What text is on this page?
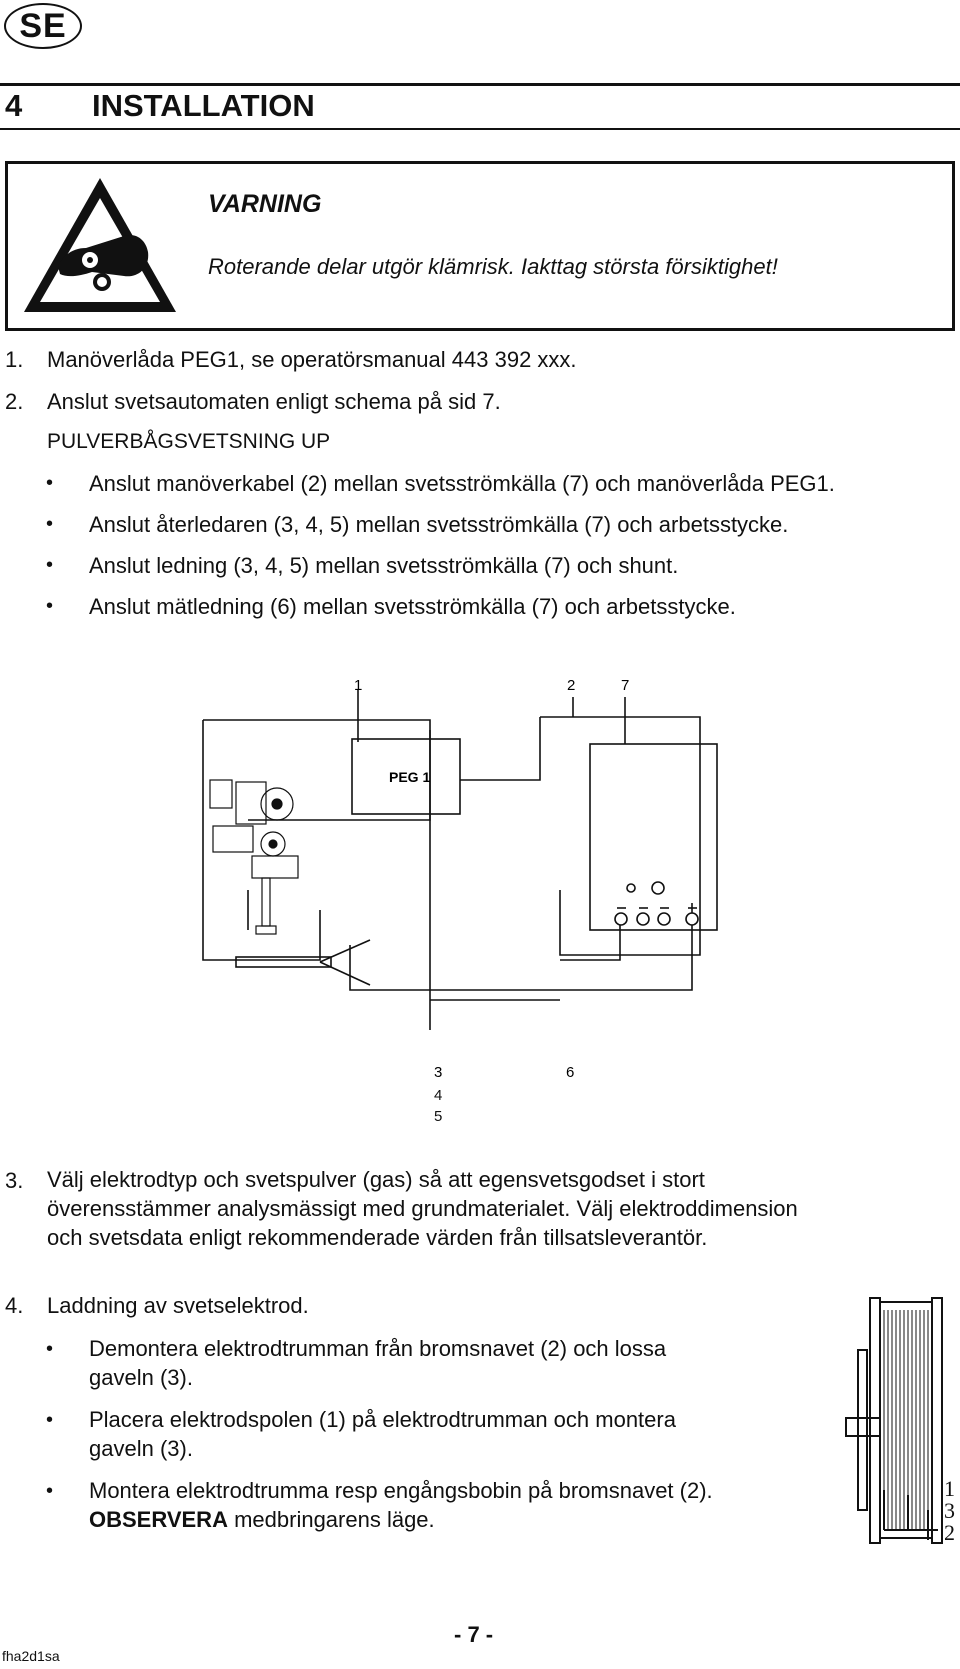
SE
4 INSTALLATION
VARNING
Roterande delar utgör klämrisk. Iakttag största försiktighet!
1. Manöverlåda PEG1, se operatörsmanual 443 392 xxx.
2. Anslut svetsautomaten enligt schema på sid 7.
PULVERBÅGSVETSNING UP
• Anslut manöverkabel (2) mellan svetsströmkälla (7) och manöverlåda PEG1.
• Anslut återledaren (3, 4, 5) mellan svetsströmkälla (7) och arbetsstycke.
• Anslut ledning (3, 4, 5) mellan svetsströmkälla (7) och shunt.
• Anslut mätledning (6) mellan svetsströmkälla (7) och arbetsstycke.
PEG 1
1	2	7
3	6
4
5
3. Välj elektrodtyp och svetspulver (gas) så att egensvetsgodset i stort
överensstämmer analysmässigt med grundmaterialet. Välj elektroddimension
och svetsdata enligt rekommenderade värden från tillsatsleverantör.
4. Laddning av svetselektrod.
• Demontera elektrodtrumman från bromsnavet (2) och lossa
gaveln (3).
• Placera elektrodspolen (1) på elektrodtrumman och montera
gaveln (3).
• Montera elektrodtrumma resp engångsbobin på bromsnavet (2).
OBSERVERA medbringarens läge.
1
3
2
- 7 -
fha2d1sa
